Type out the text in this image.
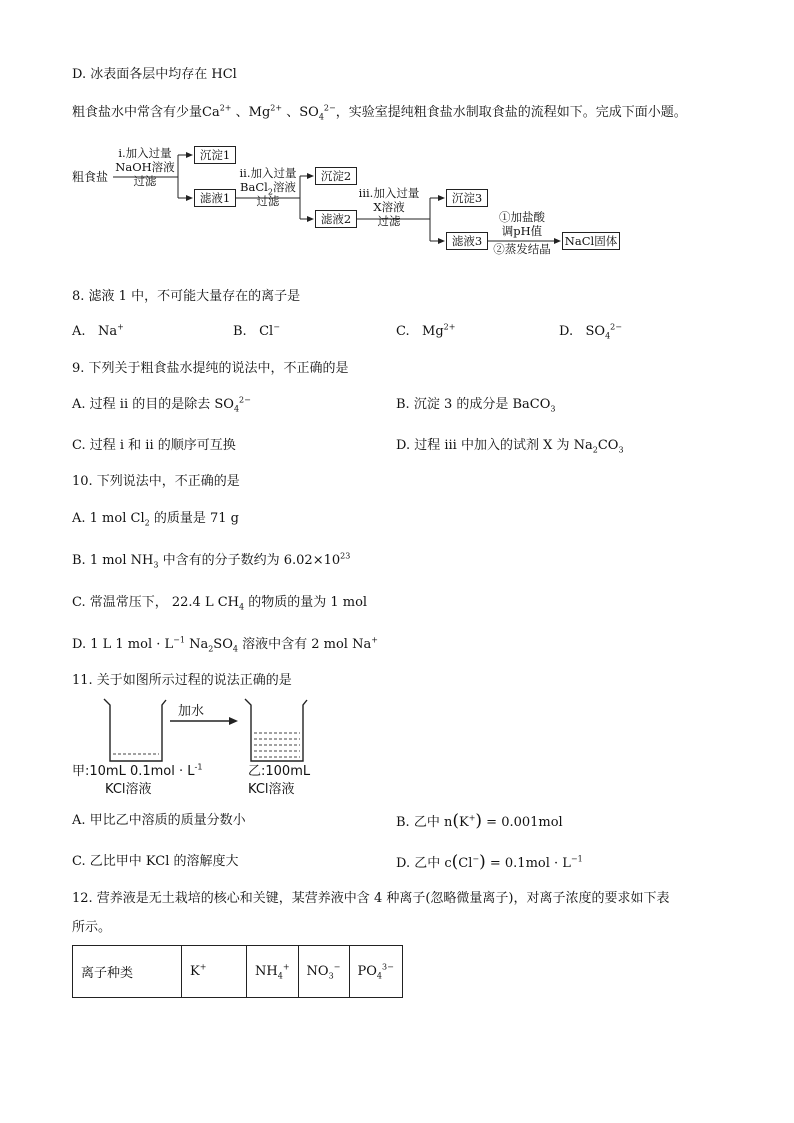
D. 冰表面各层中均存在 HCl
粗食盐水中常含有少量$Ca^{2+}$ 、$Mg^{2+}$ 、$SO_4^{2-}$，实验室提纯粗食盐水制取食盐的流程如下。完成下面小题。
粗食盐
i.加入过量
NaOH溶液
过滤
沉淀1
滤液1
ii.加入过量
BaCl$_2$溶液
过滤
沉淀2
滤液2
iii.加入过量
X溶液
过滤
沉淀3
滤液3
①加盐酸
调pH值
②蒸发结晶
NaCl固体
8. 滤液 1 中，不可能大量存在的离子是
A. Na+	B. Cl−	C. $Mg^{2+}$	D. $SO_4^{2-}$
9. 下列关于粗食盐水提纯的说法中，不正确的是
A. 过程 ii 的目的是除去 $SO_4^{2-}$	B. 沉淀 3 的成分是 BaCO$_3$
C. 过程 i 和 ii 的顺序可互换	D. 过程 iii 中加入的试剂 X 为 $Na_2CO_3$
10. 下列说法中，不正确的是
A. 1 mol $Cl_2$ 的质量是 71 g
B. 1 mol $NH_3$ 中含有的分子数约为 $6.02\times 10^{23}$
C. 常温常压下， 22.4 L $CH_4$ 的物质的量为 1 mol
D. 1 L 1 mol · $L^{-1}$ $Na_2SO_4$ 溶液中含有 2 mol Na+
11. 关于如图所示过程的说法正确的是
加水
甲:10mL $0.1mol \cdot L^{-1}$
KCl溶液
乙:100mL
KCl溶液
A. 甲比乙中溶质的质量分数小	B. 乙中 n(K+) = 0.001mol
C. 乙比甲中 KCl 的溶解度大	D. 乙中 $c(Cl^-) = 0.1mol \cdot L^{-1}$
12. 营养液是无土栽培的核心和关键，某营养液中含 4 种离子(忽略微量离子)，对离子浓度的要求如下表
所示。
离子种类	K+	$NH_4^+$	$NO_3^-$	$PO_4^{3-}$
